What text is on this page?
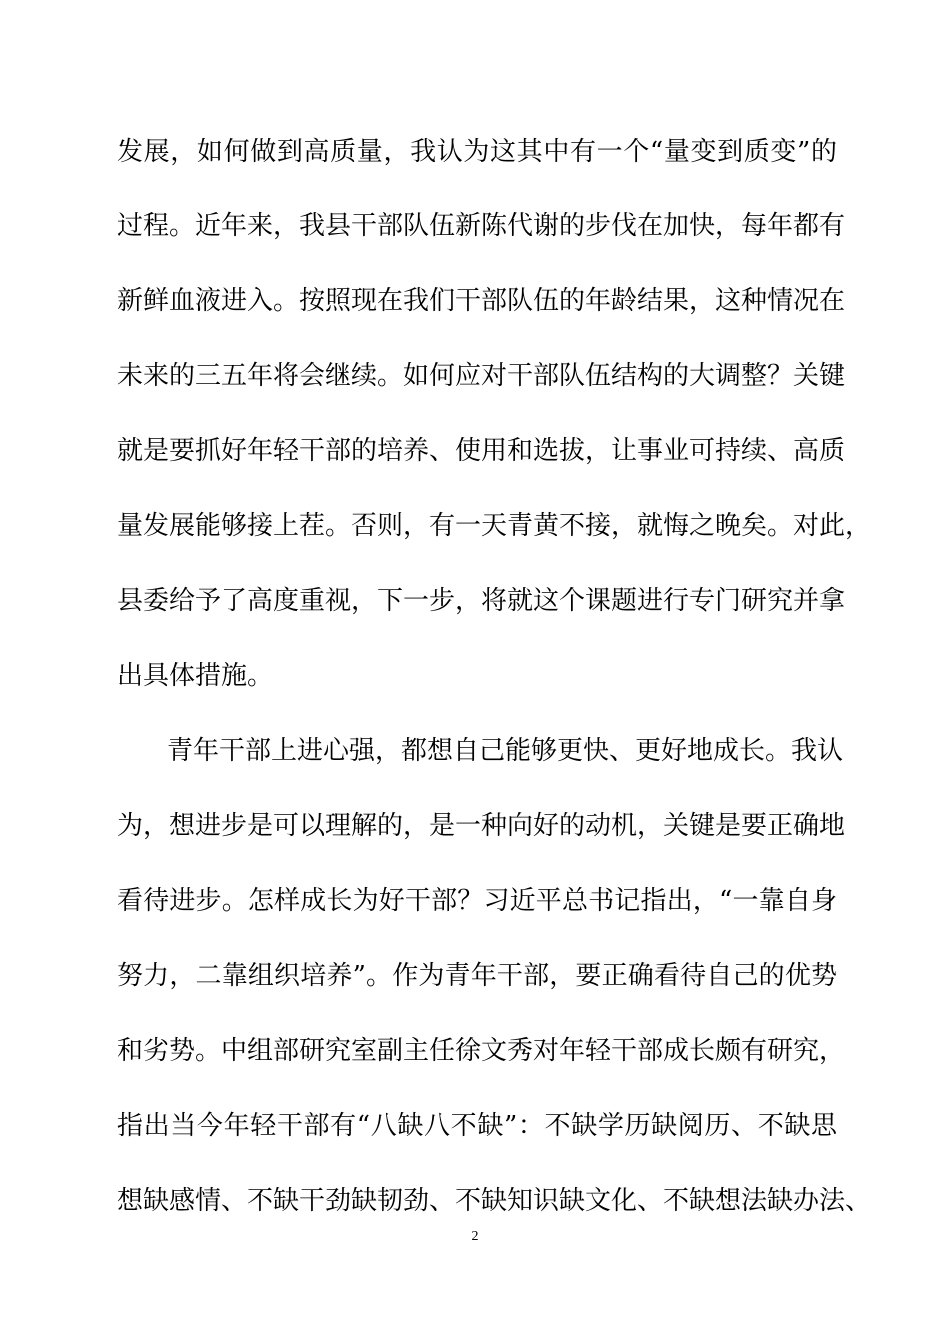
发展，如何做到高质量，我认为这其中有一个“量变到质变”的
过程。近年来，我县干部队伍新陈代谢的步伐在加快，每年都有
新鲜血液进入。按照现在我们干部队伍的年龄结果，这种情况在
未来的三五年将会继续。如何应对干部队伍结构的大调整？关键
就是要抓好年轻干部的培养、使用和选拔，让事业可持续、高质
量发展能够接上茬。否则，有一天青黄不接，就悔之晚矣。对此，
县委给予了高度重视，下一步，将就这个课题进行专门研究并拿
出具体措施。
青年干部上进心强，都想自己能够更快、更好地成长。我认
为，想进步是可以理解的，是一种向好的动机，关键是要正确地
看待进步。怎样成长为好干部？习近平总书记指出，“一靠自身
努力，二靠组织培养”。作为青年干部，要正确看待自己的优势
和劣势。中组部研究室副主任徐文秀对年轻干部成长颇有研究，
指出当今年轻干部有“八缺八不缺”：不缺学历缺阅历、不缺思
想缺感情、不缺干劲缺韧劲、不缺知识缺文化、不缺想法缺办法、
2
